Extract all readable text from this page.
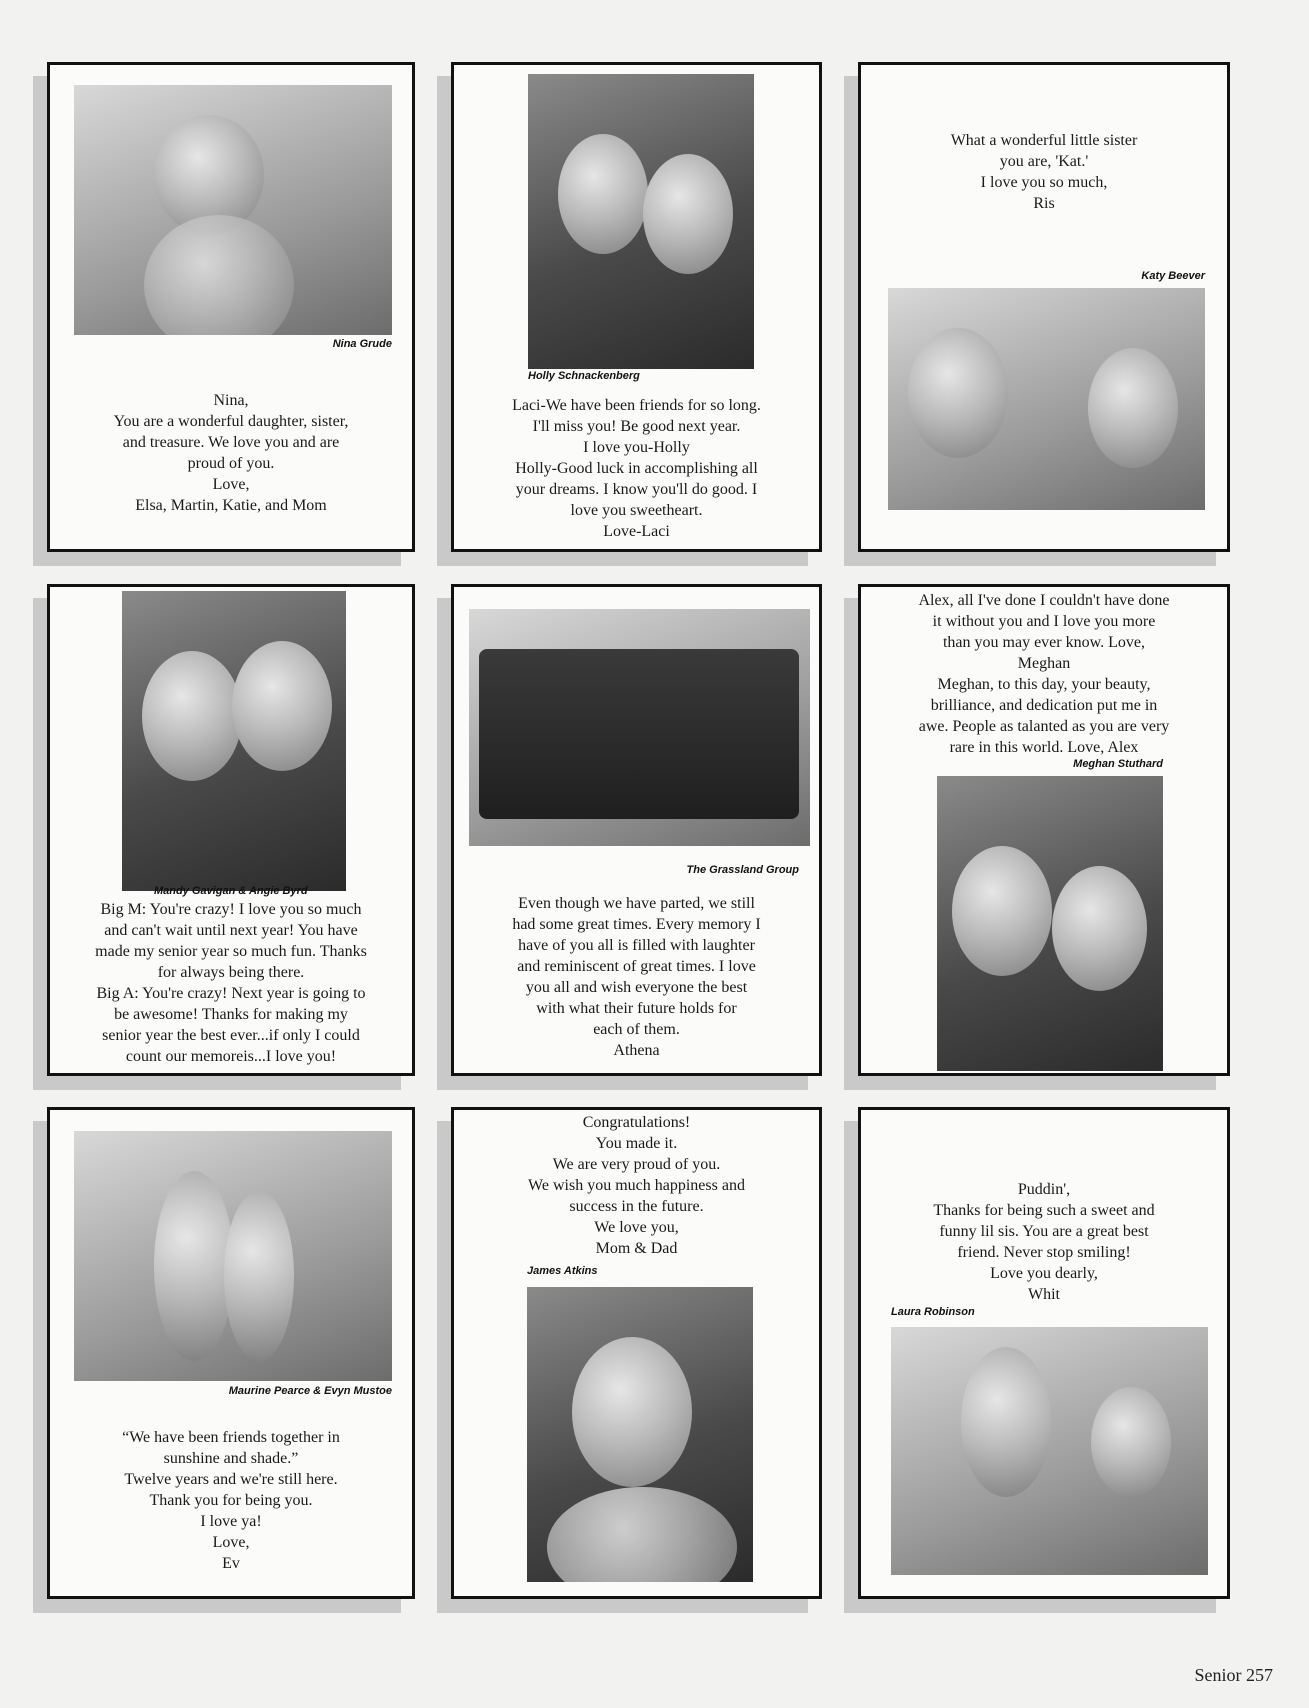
Nina Grude
Nina,
You are a wonderful daughter, sister,
and treasure. We love you and are
proud of you.
Love,
Elsa, Martin, Katie, and Mom
Holly Schnackenberg
Laci-We have been friends for so long.
I'll miss you! Be good next year.
I love you-Holly
Holly-Good luck in accomplishing all
your dreams. I know you'll do good. I
love you sweetheart.
Love-Laci
What a wonderful little sister
you are, 'Kat.'
I love you so much,
Ris
Katy Beever
Mandy Gavigan & Angie Byrd
Big M: You're crazy! I love you so much
and can't wait until next year! You have
made my senior year so much fun. Thanks
for always being there.
Big A: You're crazy! Next year is going to
be awesome! Thanks for making my
senior year the best ever...if only I could
count our memoreis...I love you!
The Grassland Group
Even though we have parted, we still
had some great times. Every memory I
have of you all is filled with laughter
and reminiscent of great times. I love
you all and wish everyone the best
with what their future holds for
each of them.
Athena
Alex, all I've done I couldn't have done
it without you and I love you more
than you may ever know. Love,
Meghan
Meghan, to this day, your beauty,
brilliance, and dedication put me in
awe. People as talanted as you are very
rare in this world. Love, Alex
Meghan Stuthard
Maurine Pearce & Evyn Mustoe
“We have been friends together in
sunshine and shade.”
Twelve years and we're still here.
Thank you for being you.
I love ya!
Love,
Ev
Congratulations!
You made it.
We are very proud of you.
We wish you much happiness and
success in the future.
We love you,
Mom & Dad
James Atkins
Puddin',
Thanks for being such a sweet and
funny lil sis. You are a great best
friend. Never stop smiling!
Love you dearly,
Whit
Laura Robinson
Senior 257
